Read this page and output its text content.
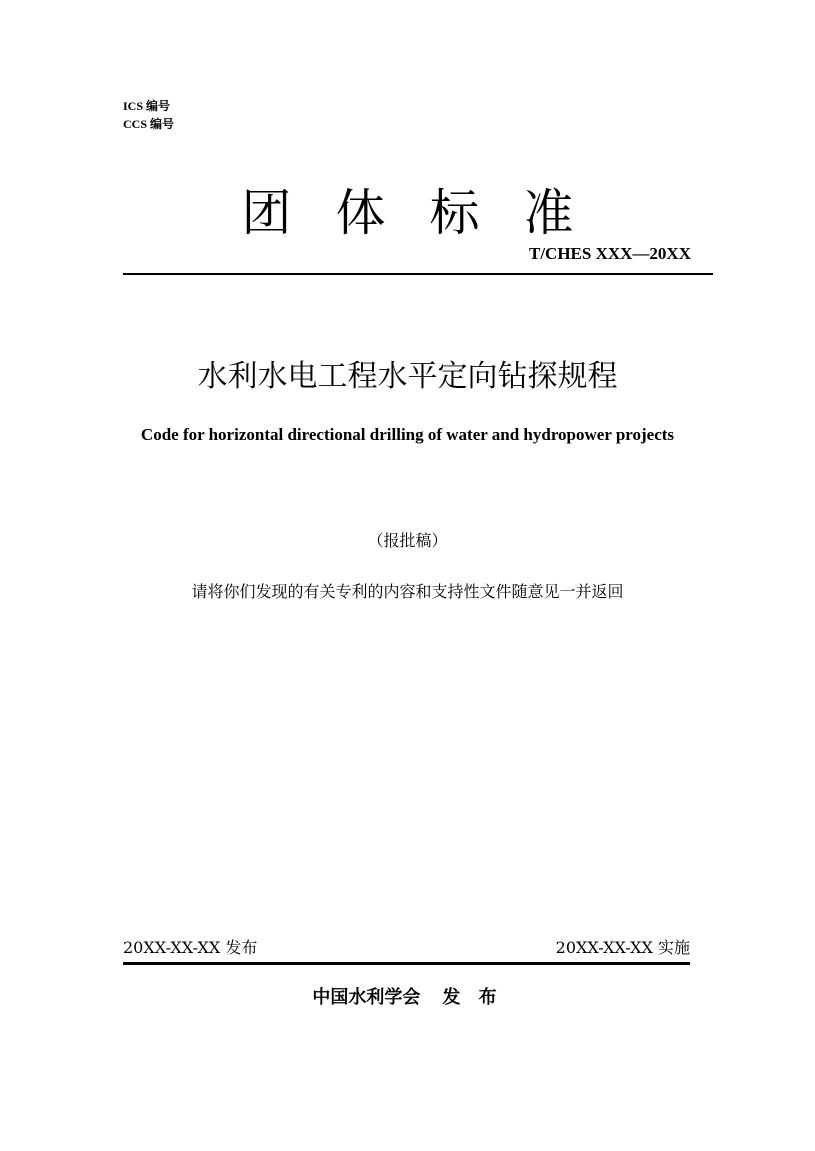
ICS 编号
CCS 编号
团 体 标 准
T/CHES XXX—20XX
水利水电工程水平定向钻探规程
Code for horizontal directional drilling of water and hydropower projects
（报批稿）
请将你们发现的有关专利的内容和支持性文件随意见一并返回
20XX-XX-XX 发布	20XX-XX-XX 实施
中国水利学会 发 布
